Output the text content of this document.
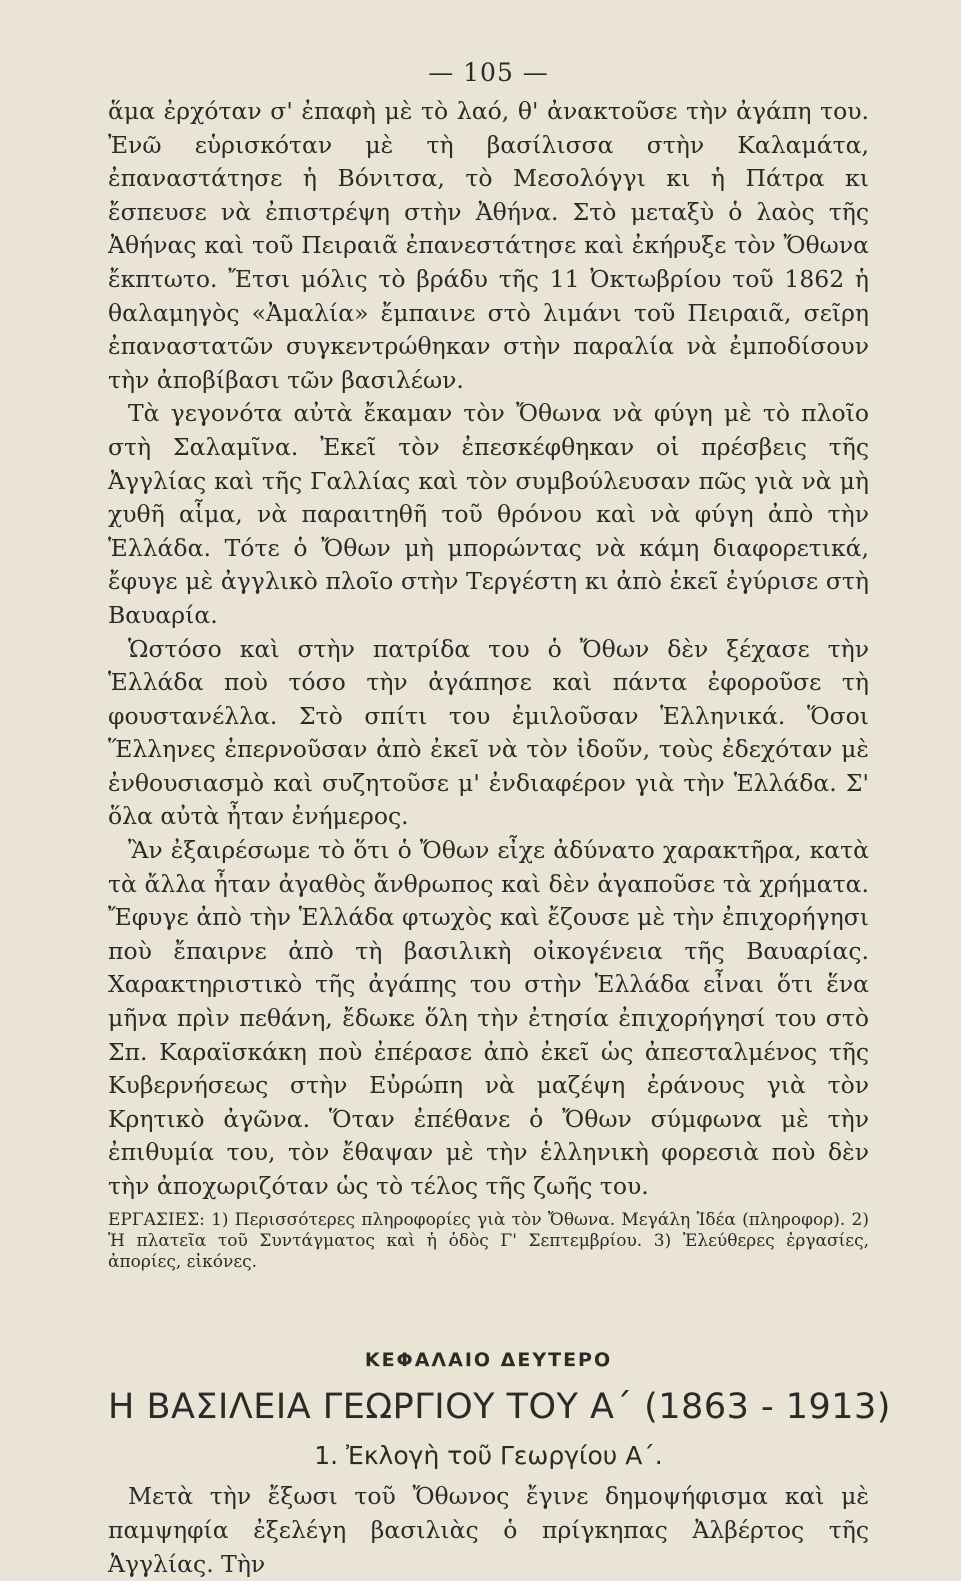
— 105 —

ἅμα ἐρχόταν σ' ἐπαφὴ μὲ τὸ λαό, θ' ἀνακτοῦσε τὴν ἀγάπη του. Ἐνῶ εὑρισκόταν μὲ τὴ βασίλισσα στὴν Καλαμάτα, ἐπαναστάτησε ἡ Βόνιτσα, τὸ Μεσολόγγι κι ἡ Πάτρα κι ἔσπευσε νὰ ἐπιστρέψη στὴν Ἀθήνα. Στὸ μεταξὺ ὁ λαὸς τῆς Ἀθήνας καὶ τοῦ Πειραιᾶ ἐπανεστάτησε καὶ ἐκήρυξε τὸν Ὄθωνα ἔκπτωτο. Ἔτσι μόλις τὸ βράδυ τῆς 11 Ὀκτωβρίου τοῦ 1862 ἡ θαλαμηγὸς «Ἀμαλία» ἔμπαινε στὸ λιμάνι τοῦ Πειραιᾶ, σεῖρη ἐπαναστατῶν συγκεντρώθηκαν στὴν παραλία νὰ ἐμποδίσουν τὴν ἀποβίβασι τῶν βασιλέων.

Τὰ γεγονότα αὐτὰ ἔκαμαν τὸν Ὄθωνα νὰ φύγη μὲ τὸ πλοῖο στὴ Σαλαμῖνα. Ἐκεῖ τὸν ἐπεσκέφθηκαν οἱ πρέσβεις τῆς Ἀγγλίας καὶ τῆς Γαλλίας καὶ τὸν συμβούλευσαν πῶς γιὰ νὰ μὴ χυθῆ αἷμα, νὰ παραιτηθῆ τοῦ θρόνου καὶ νὰ φύγη ἀπὸ τὴν Ἑλλάδα. Τότε ὁ Ὄθων μὴ μπορώντας νὰ κάμη διαφορετικά, ἔφυγε μὲ ἀγγλικὸ πλοῖο στὴν Τεργέστη κι ἀπὸ ἐκεῖ ἐγύρισε στὴ Βαυαρία.

Ὡστόσο καὶ στὴν πατρίδα του ὁ Ὄθων δὲν ξέχασε τὴν Ἑλλάδα ποὺ τόσο τὴν ἀγάπησε καὶ πάντα ἐφοροῦσε τὴ φουστανέλλα. Στὸ σπίτι του ἐμιλοῦσαν Ἑλληνικά. Ὅσοι Ἕλληνες ἐπερνοῦσαν ἀπὸ ἐκεῖ νὰ τὸν ἰδοῦν, τοὺς ἐδεχόταν μὲ ἐνθουσιασμὸ καὶ συζητοῦσε μ' ἐνδιαφέρον γιὰ τὴν Ἑλλάδα. Σ' ὅλα αὐτὰ ἦταν ἐνήμερος.

Ἂν ἐξαιρέσωμε τὸ ὅτι ὁ Ὄθων εἶχε ἀδύνατο χαρακτῆρα, κατὰ τὰ ἄλλα ἦταν ἀγαθὸς ἄνθρωπος καὶ δὲν ἀγαποῦσε τὰ χρήματα. Ἔφυγε ἀπὸ τὴν Ἑλλάδα φτωχὸς καὶ ἔζουσε μὲ τὴν ἐπιχορήγησι ποὺ ἔπαιρνε ἀπὸ τὴ βασιλικὴ οἰκογένεια τῆς Βαυαρίας. Χαρακτηριστικὸ τῆς ἀγάπης του στὴν Ἑλλάδα εἶναι ὅτι ἕνα μῆνα πρὶν πεθάνη, ἔδωκε ὅλη τὴν ἐτησία ἐπιχορήγησί του στὸ Σπ. Καραϊσκάκη ποὺ ἐπέρασε ἀπὸ ἐκεῖ ὡς ἀπεσταλμένος τῆς Κυβερνήσεως στὴν Εὐρώπη νὰ μαζέψη ἐράνους γιὰ τὸν Κρητικὸ ἀγῶνα. Ὅταν ἐπέθανε ὁ Ὄθων σύμφωνα μὲ τὴν ἐπιθυμία του, τὸν ἔθαψαν μὲ τὴν ἑλληνικὴ φορεσιὰ ποὺ δὲν τὴν ἀποχωριζόταν ὡς τὸ τέλος τῆς ζωῆς του.

ΕΡΓΑΣΙΕΣ: 1) Περισσότερες πληροφορίες γιὰ τὸν Ὄθωνα. Μεγάλη Ἰδέα (πληροφορ). 2) Ἡ πλατεῖα τοῦ Συντάγματος καὶ ἡ ὁδὸς Γ' Σεπτεμβρίου. 3) Ἐλεύθερες ἐργασίες, ἀπορίες, εἰκόνες.
ΚΕΦΑΛΑΙΟ ΔΕΥΤΕΡΟ
Η ΒΑΣΙΛΕΙΑ ΓΕΩΡΓΙΟΥ ΤΟΥ Α΄ (1863 - 1913)
1. Ἐκλογὴ τοῦ Γεωργίου Α΄.

Μετὰ τὴν ἔξωσι τοῦ Ὄθωνος ἔγινε δημοψήφισμα καὶ μὲ παμψηφία ἐξελέγη βασιλιὰς ὁ πρίγκηπας Ἀλβέρτος τῆς Ἀγγλίας. Τὴν
